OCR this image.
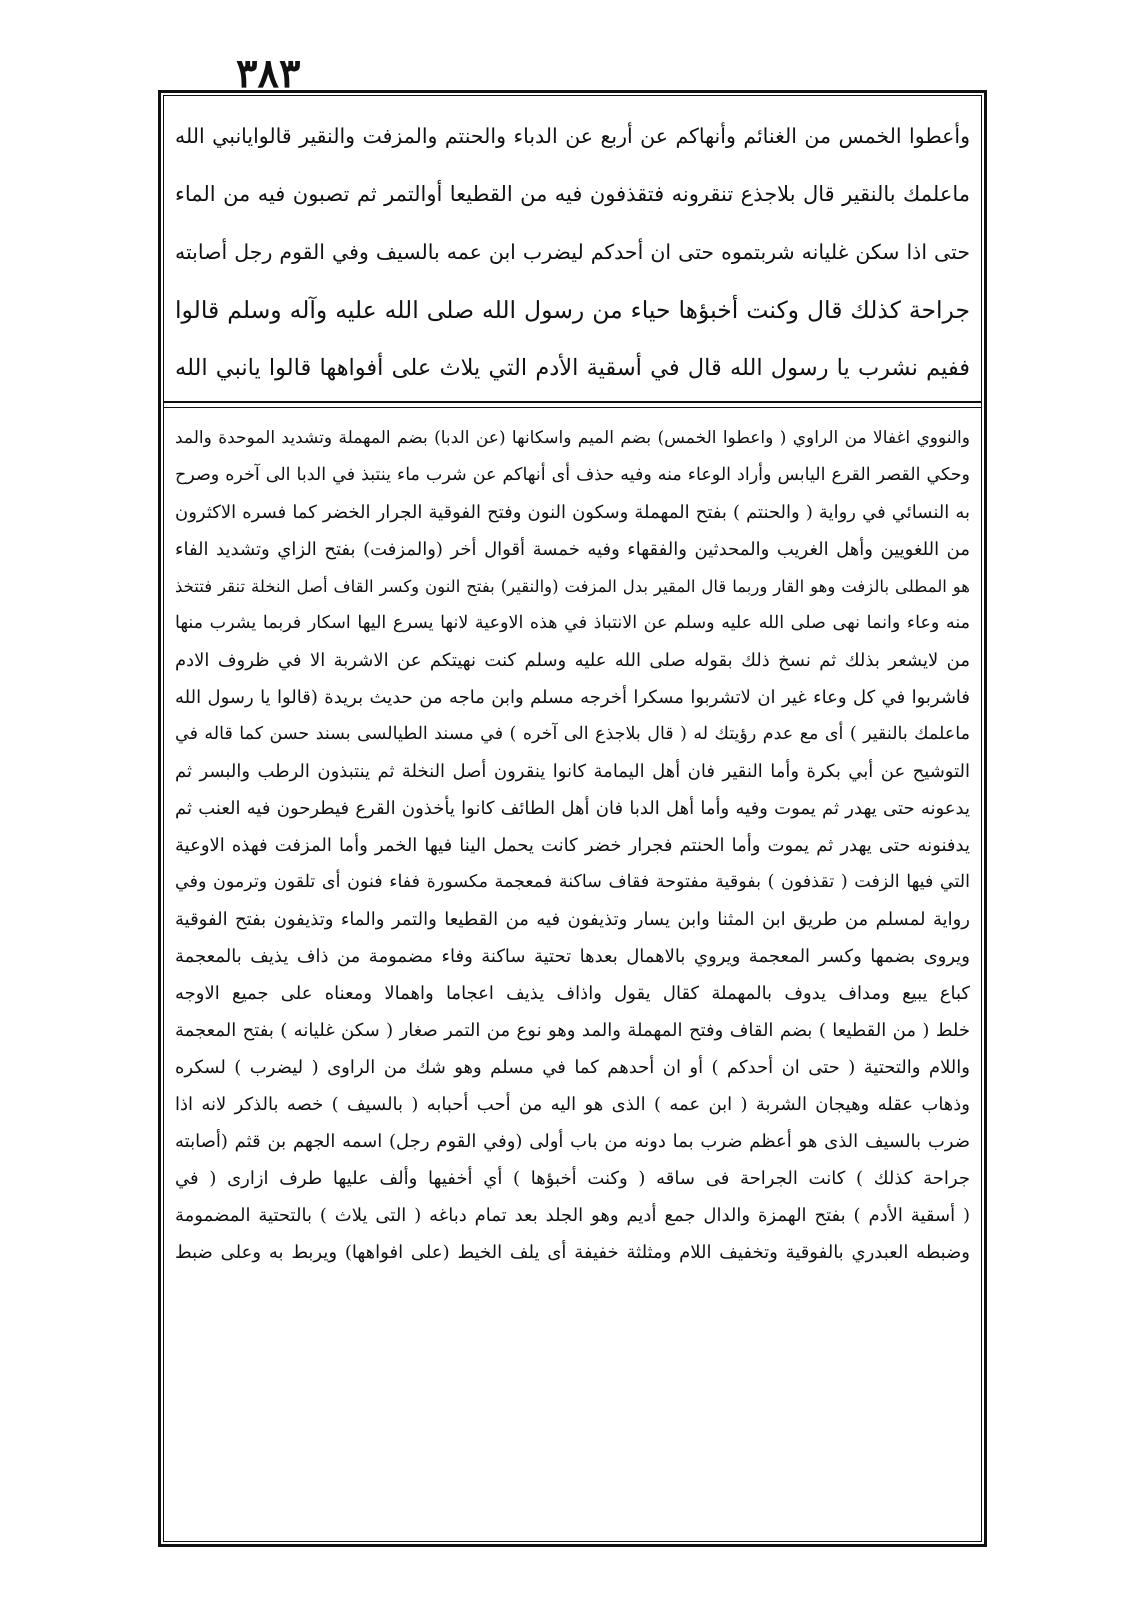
۳۸۳
وأعطوا الخمس من الغنائم وأنهاكم عن أربع عن الدباء والحنتم والمزفت والنقير قالوايانبي الله
ماعلمك بالنقير قال بلاجذع تنقرونه فتقذفون فيه من القطيعا أوالتمر ثم تصبون فيه من الماء
حتى اذا سكن غليانه شربتموه حتى ان أحدكم ليضرب ابن عمه بالسيف وفي القوم رجل أصابته
جراحة كذلك قال وكنت أخبؤها حياء من رسول الله صلى الله عليه وآله وسلم قالوا
ففيم نشرب يا رسول الله قال في أسقية الأدم التي يلاث على أفواهها قالوا يانبي الله
والنووي اغفالا من الراوي ( واعطوا الخمس) بضم الميم واسكانها (عن الدبا) بضم المهملة وتشديد الموحدة والمد
وحكي القصر القرع اليابس وأراد الوعاء منه وفيه حذف أى أنهاكم عن شرب ماء ينتبذ في الدبا الى آخره وصرح
به النسائي في رواية ( والحنتم ) بفتح المهملة وسكون النون وفتح الفوقية الجرار الخضر كما فسره الاكثرون
من اللغويين وأهل الغريب والمحدثين والفقهاء وفيه خمسة أقوال أخر (والمزفت) بفتح الزاي وتشديد الفاء
هو المطلى بالزفت وهو القار وربما قال المقير بدل المزفت (والنقير) بفتح النون وكسر القاف أصل النخلة تنقر فتتخذ
منه وعاء وانما نهى صلى الله عليه وسلم عن الانتباذ في هذه الاوعية لانها يسرع اليها اسكار فربما يشرب منها
من لايشعر بذلك ثم نسخ ذلك بقوله صلى الله عليه وسلم كنت نهيتكم عن الاشربة الا في ظروف الادم
فاشربوا في كل وعاء غير ان لاتشربوا مسكرا أخرجه مسلم وابن ماجه من حديث بريدة (قالوا يا رسول الله
ماعلمك بالنقير ) أى مع عدم رؤيتك له ( قال بلاجذع الى آخره ) في مسند الطيالسى بسند حسن كما قاله في
التوشيح عن أبي بكرة وأما النقير فان أهل اليمامة كانوا ينقرون أصل النخلة ثم ينتبذون الرطب والبسر ثم
يدعونه حتى يهدر ثم يموت وفيه وأما أهل الدبا فان أهل الطائف كانوا يأخذون القرع فيطرحون فيه العنب ثم
يدفنونه حتى يهدر ثم يموت وأما الحنتم فجرار خضر كانت يحمل الينا فيها الخمر وأما المزفت فهذه الاوعية
التي فيها الزفت ( تقذفون ) بفوقية مفتوحة فقاف ساكنة فمعجمة مكسورة ففاء فنون أى تلقون وترمون وفي
رواية لمسلم من طريق ابن المثنا وابن يسار وتذيفون فيه من القطيعا والتمر والماء وتذيفون بفتح الفوقية
ويروى بضمها وكسر المعجمة ويروي بالاهمال بعدها تحتية ساكنة وفاء مضمومة من ذاف يذيف بالمعجمة
كباع يبيع ومداف يدوف بالمهملة كقال يقول واذاف يذيف اعجاما واهمالا ومعناه على جميع الاوجه
خلط ( من القطيعا ) بضم القاف وفتح المهملة والمد وهو نوع من التمر صغار ( سكن غليانه ) بفتح المعجمة
واللام والتحتية ( حتى ان أحدكم ) أو ان أحدهم كما في مسلم وهو شك من الراوى ( ليضرب ) لسكره
وذهاب عقله وهيجان الشربة ( ابن عمه ) الذى هو اليه من أحب أحبابه ( بالسيف ) خصه بالذكر لانه اذا
ضرب بالسيف الذى هو أعظم ضرب بما دونه من باب أولى (وفي القوم رجل) اسمه الجهم بن قثم (أصابته
جراحة كذلك ) كانت الجراحة فى ساقه ( وكنت أخبؤها ) أي أخفيها وألف عليها طرف ازارى ( في
( أسقية الأدم ) بفتح الهمزة والدال جمع أديم وهو الجلد بعد تمام دباغه ( التى يلاث ) بالتحتية المضمومة
وضبطه العبدري بالفوقية وتخفيف اللام ومثلثة خفيفة أى يلف الخيط (على افواهها) ويربط به وعلى ضبط
